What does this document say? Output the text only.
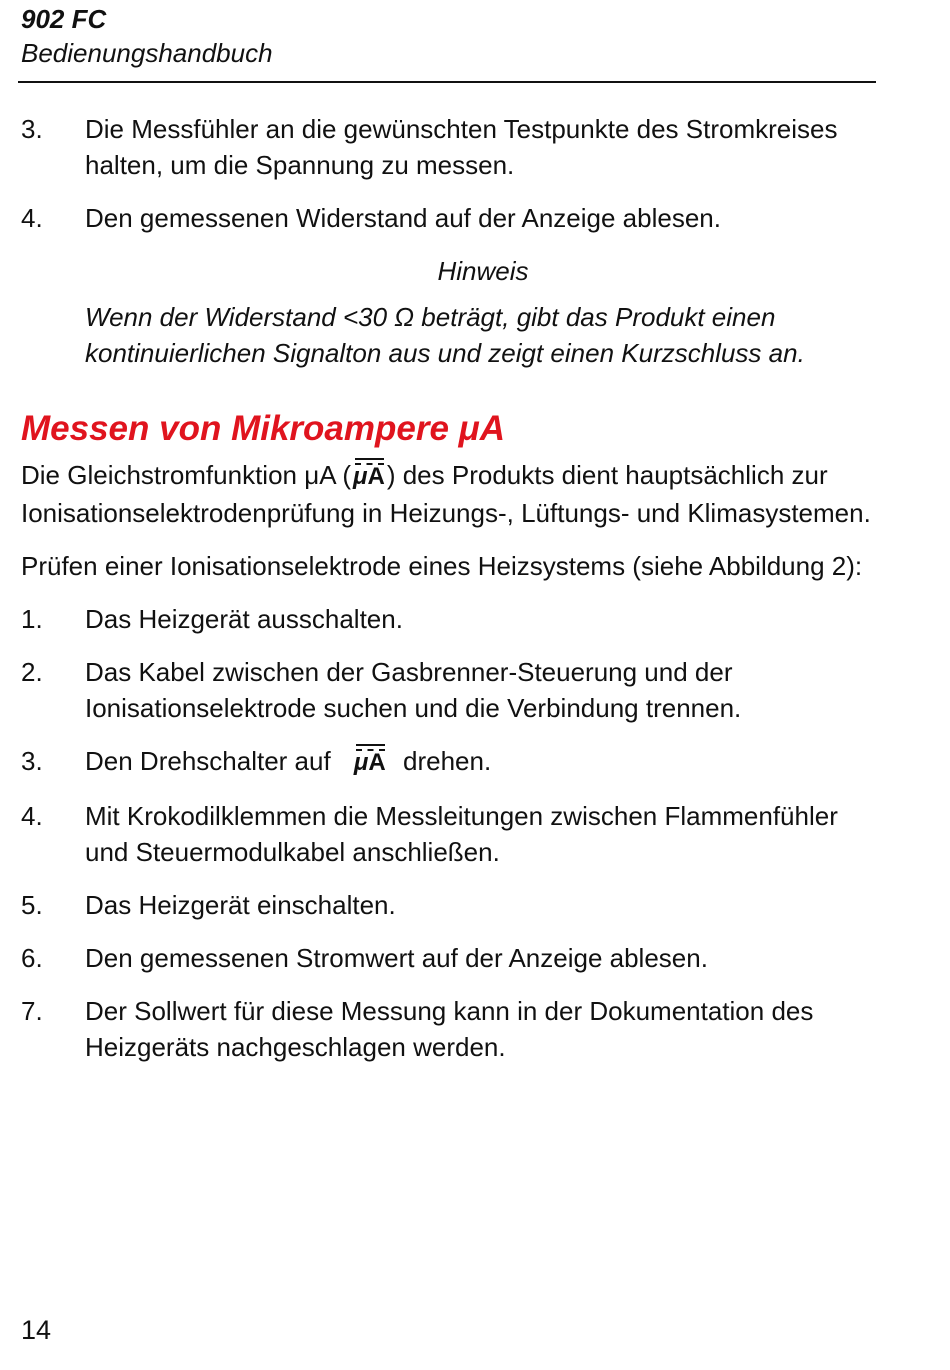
902 FC
Bedienungshandbuch
3.	Die Messfühler an die gewünschten Testpunkte des Stromkreises halten, um die Spannung zu messen.
4.	Den gemessenen Widerstand auf der Anzeige ablesen.
Hinweis
Wenn der Widerstand <30 Ω beträgt, gibt das Produkt einen kontinuierlichen Signalton aus und zeigt einen Kurzschluss an.
Messen von Mikroampere μA
Die Gleichstromfunktion μA (μA) des Produkts dient hauptsächlich zur Ionisationselektrodenprüfung in Heizungs-, Lüftungs- und Klimasystemen.
Prüfen einer Ionisationselektrode eines Heizsystems (siehe Abbildung 2):
1.	Das Heizgerät ausschalten.
2.	Das Kabel zwischen der Gasbrenner-Steuerung und der Ionisationselektrode suchen und die Verbindung trennen.
3.	Den Drehschalter auf μA drehen.
4.	Mit Krokodilklemmen die Messleitungen zwischen Flammenfühler und Steuermodulkabel anschließen.
5.	Das Heizgerät einschalten.
6.	Den gemessenen Stromwert auf der Anzeige ablesen.
7.	Der Sollwert für diese Messung kann in der Dokumentation des Heizgeräts nachgeschlagen werden.
14
